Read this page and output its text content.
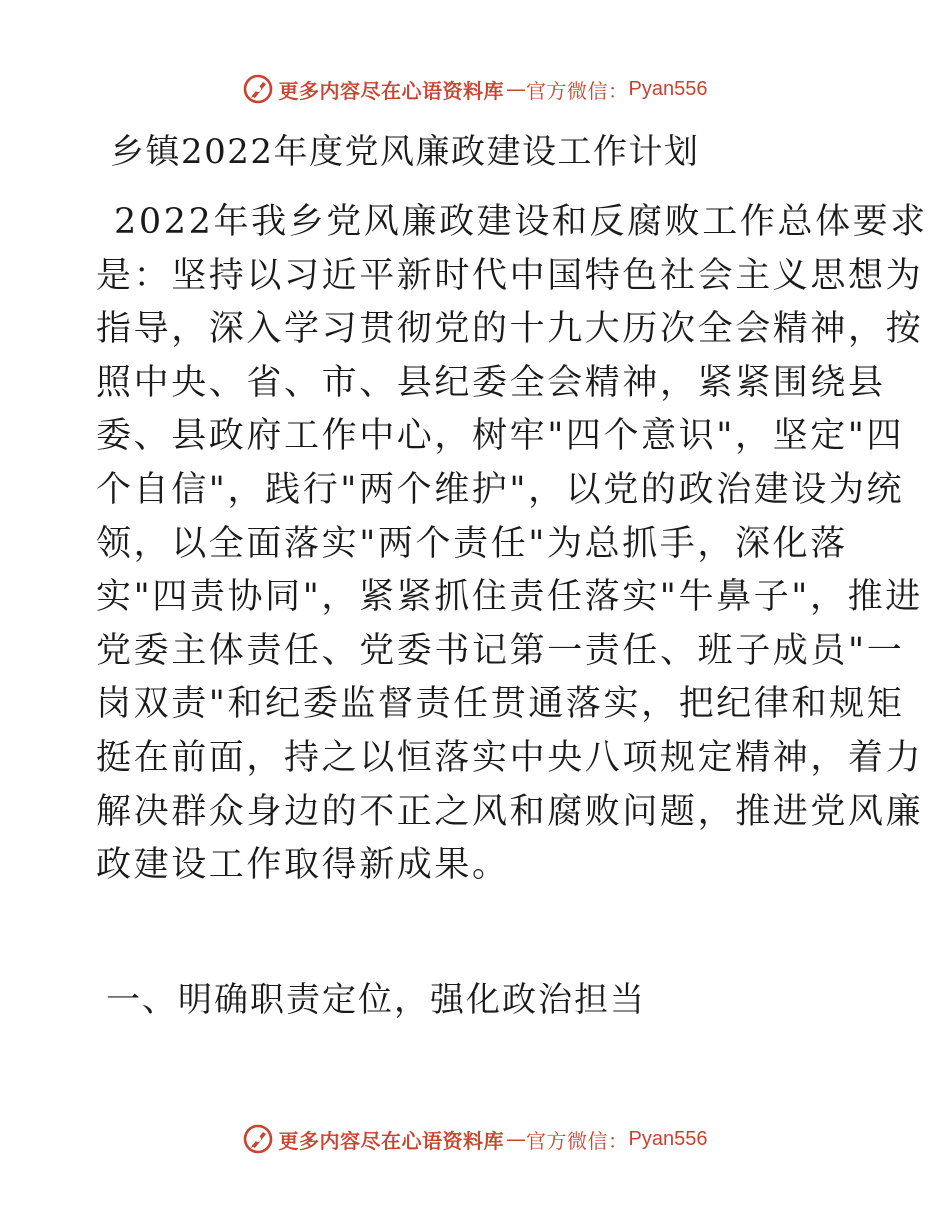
更多内容尽在心语资料库 — 官方微信： Pyan556
乡镇2022年度党风廉政建设工作计划
2022年我乡党风廉政建设和反腐败工作总体要求
是：坚持以习近平新时代中国特色社会主义思想为
指导，深入学习贯彻党的十九大历次全会精神，按
照中央、省、市、县纪委全会精神，紧紧围绕县
委、县政府工作中心，树牢"四个意识"，坚定"四
个自信"，践行"两个维护"，以党的政治建设为统
领，以全面落实"两个责任"为总抓手，深化落
实"四责协同"，紧紧抓住责任落实"牛鼻子"，推进
党委主体责任、党委书记第一责任、班子成员"一
岗双责"和纪委监督责任贯通落实，把纪律和规矩
挺在前面，持之以恒落实中央八项规定精神，着力
解决群众身边的不正之风和腐败问题，推进党风廉
政建设工作取得新成果。
一、明确职责定位，强化政治担当
更多内容尽在心语资料库 — 官方微信： Pyan556
